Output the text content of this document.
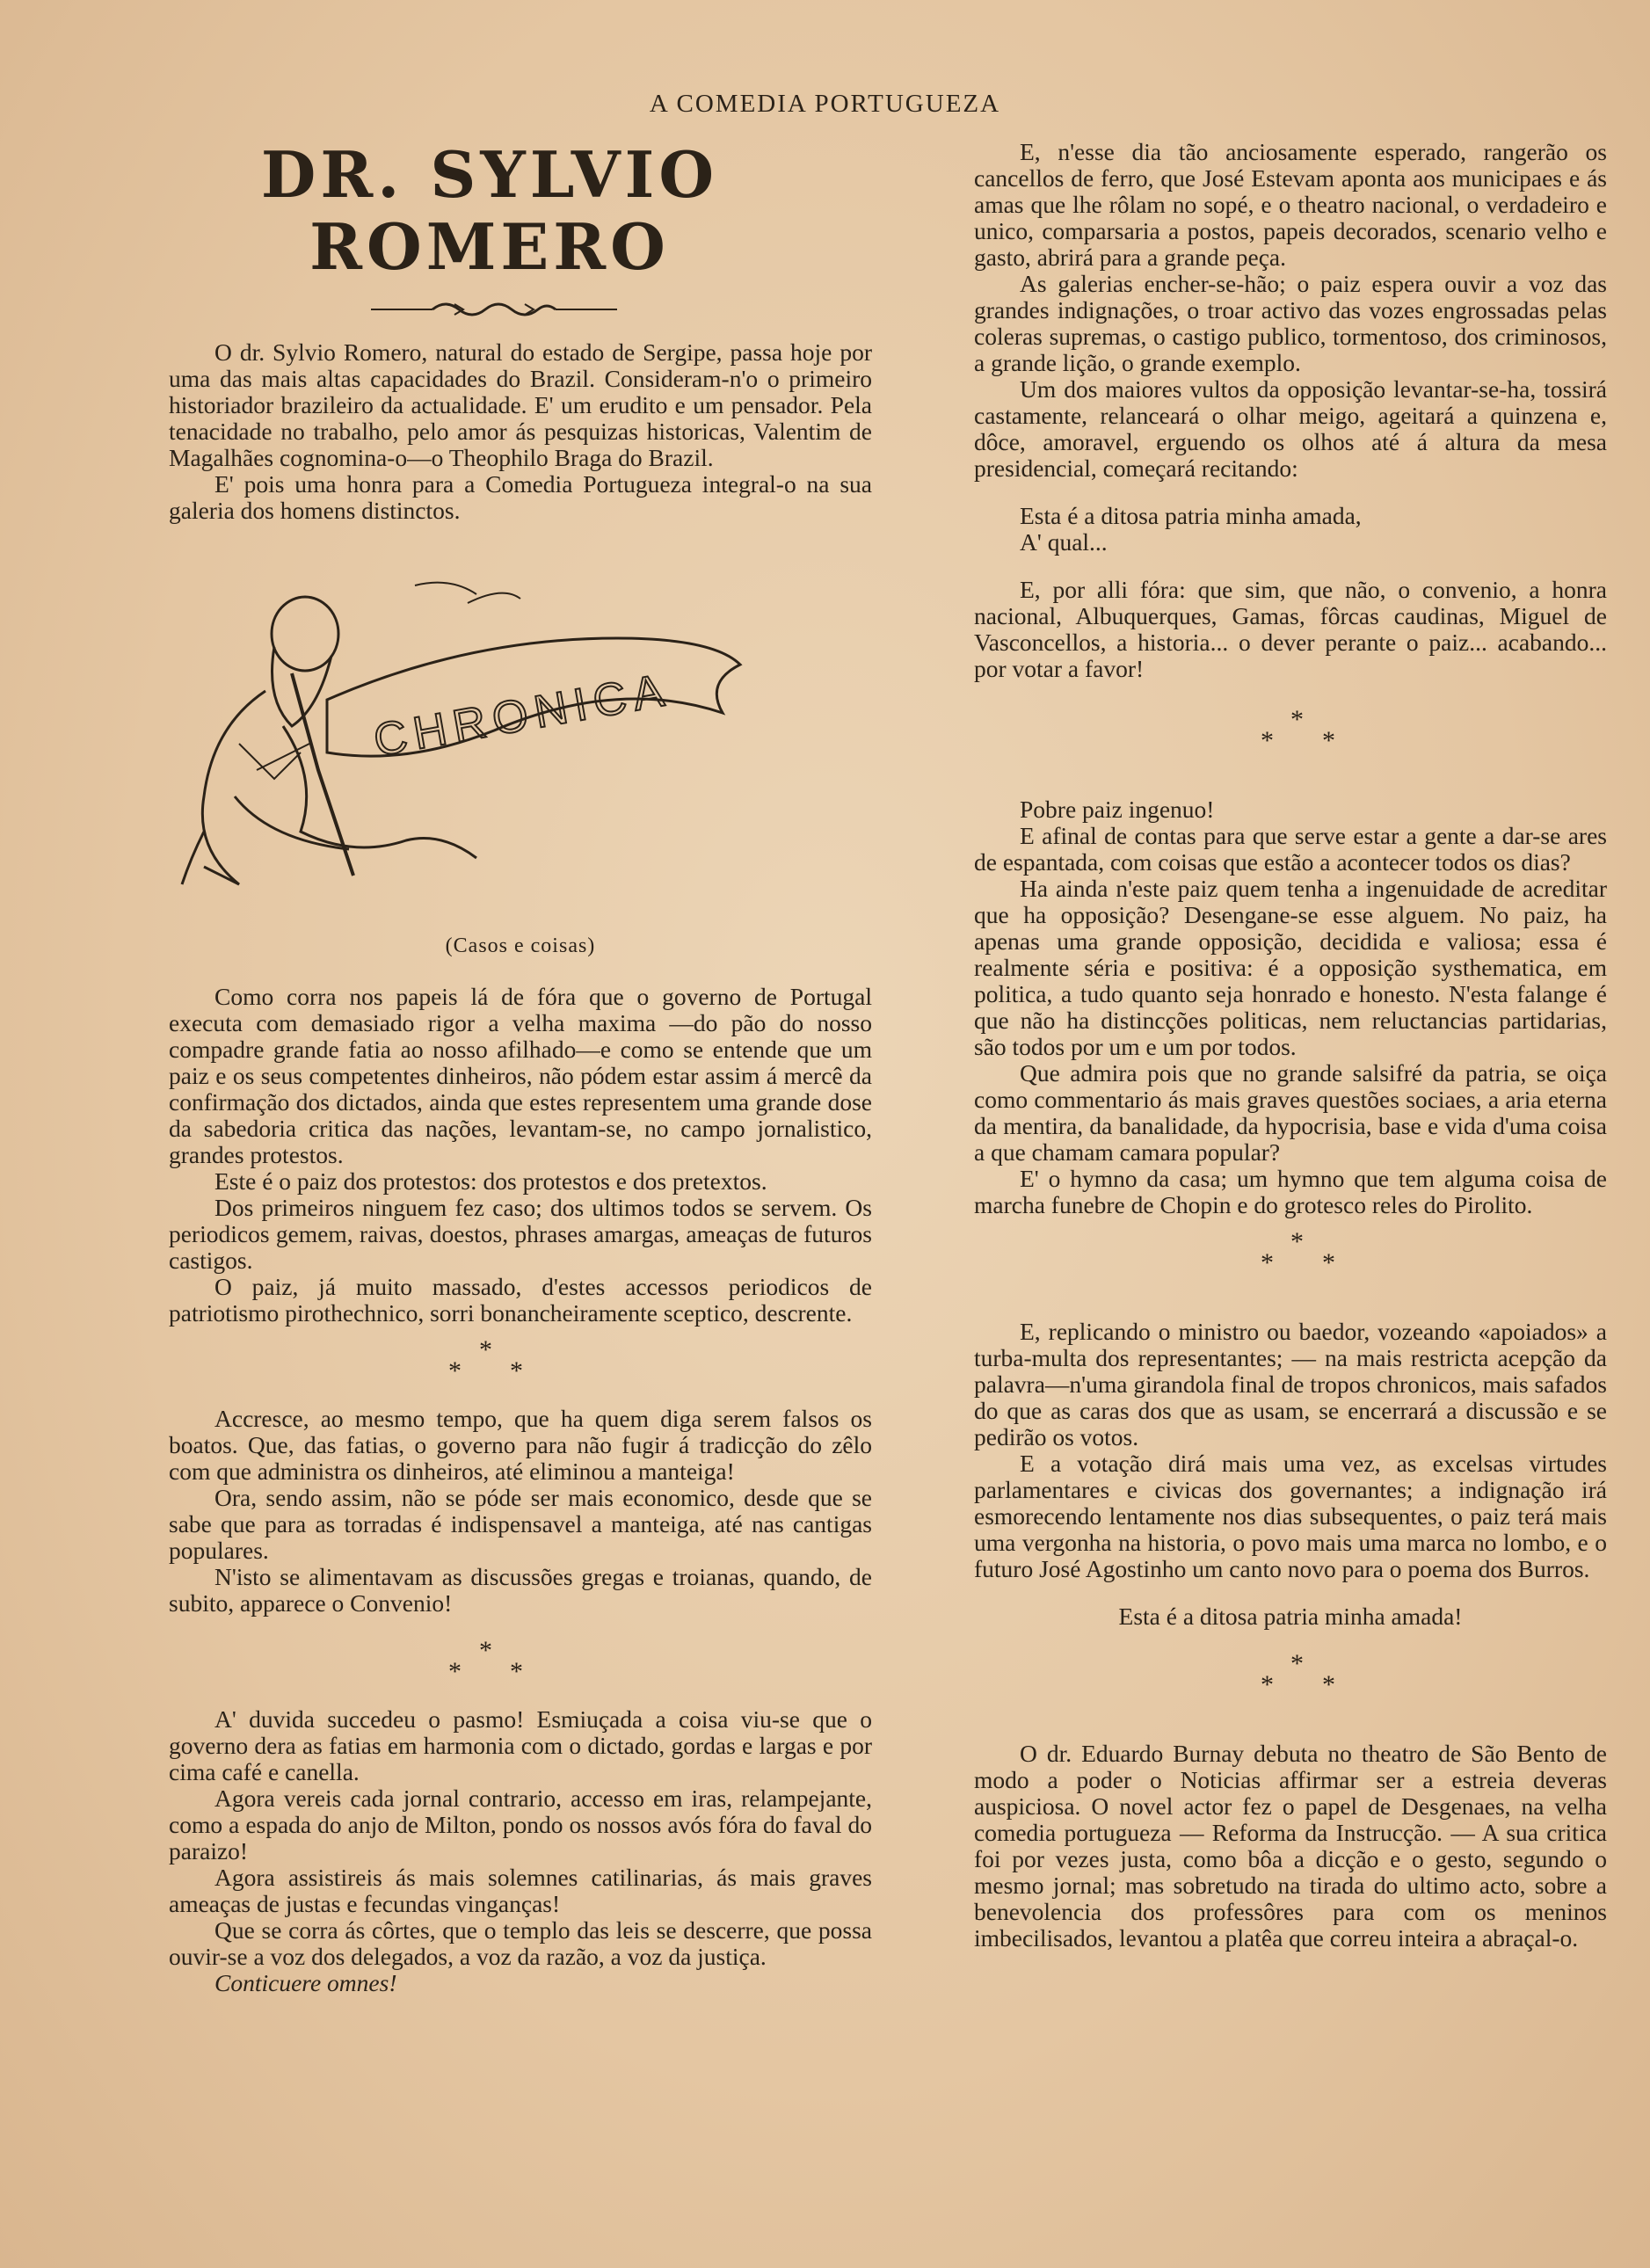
A COMEDIA PORTUGUEZA
DR. SYLVIO ROMERO

O dr. Sylvio Romero, natural do estado de Sergipe, passa hoje por uma das mais altas capacidades do Brazil. Consideram-n'o o primeiro historiador brazileiro da actualidade. E' um erudito e um pensador. Pela tenacidade no trabalho, pelo amor ás pesquizas historicas, Valentim de Magalhães cognomina-o—o Theophilo Braga do Brazil.

E' pois uma honra para a Comedia Portugueza integral-o na sua galeria dos homens distinctos.

CHRONICA

(Casos e coisas)

Como corra nos papeis lá de fóra que o governo de Portugal executa com demasiado rigor a velha maxima —do pão do nosso compadre grande fatia ao nosso afilhado—e como se entende que um paiz e os seus competentes dinheiros, não pódem estar assim á mercê da confirmação dos dictados, ainda que estes representem uma grande dose da sabedoria critica das nações, levantam-se, no campo jornalistico, grandes protestos.

Este é o paiz dos protestos: dos protestos e dos pretextos.

Dos primeiros ninguem fez caso; dos ultimos todos se servem. Os periodicos gemem, raivas, doestos, phrases amargas, ameaças de futuros castigos.

O paiz, já muito massado, d'estes accessos periodicos de patriotismo pirothechnico, sorri bonancheiramente sceptico, descrente.

*
* *

Accresce, ao mesmo tempo, que ha quem diga serem falsos os boatos. Que, das fatias, o governo para não fugir á tradicção do zêlo com que administra os dinheiros, até eliminou a manteiga!

Ora, sendo assim, não se póde ser mais economico, desde que se sabe que para as torradas é indispensavel a manteiga, até nas cantigas populares.

N'isto se alimentavam as discussões gregas e troianas, quando, de subito, apparece o Convenio!

*
* *

A' duvida succedeu o pasmo! Esmiuçada a coisa viu-se que o governo dera as fatias em harmonia com o dictado, gordas e largas e por cima café e canella.

Agora vereis cada jornal contrario, accesso em iras, relampejante, como a espada do anjo de Milton, pondo os nossos avós fóra do faval do paraizo!

Agora assistireis ás mais solemnes catilinarias, ás mais graves ameaças de justas e fecundas vinganças!

Que se corra ás côrtes, que o templo das leis se descerre, que possa ouvir-se a voz dos delegados, a voz da razão, a voz da justiça.

Conticuere omnes!

E, n'esse dia tão anciosamente esperado, rangerão os cancellos de ferro, que José Estevam aponta aos municipaes e ás amas que lhe rôlam no sopé, e o theatro nacional, o verdadeiro e unico, comparsaria a postos, papeis decorados, scenario velho e gasto, abrirá para a grande peça.

As galerias encher-se-hão; o paiz espera ouvir a voz das grandes indignações, o troar activo das vozes engrossadas pelas coleras supremas, o castigo publico, tormentoso, dos criminosos, a grande lição, o grande exemplo.

Um dos maiores vultos da opposição levantar-se-ha, tossirá castamente, relanceará o olhar meigo, ageitará a quinzena e, dôce, amoravel, erguendo os olhos até á altura da mesa presidencial, começará recitando:

Esta é a ditosa patria minha amada,

A' qual...

E, por alli fóra: que sim, que não, o convenio, a honra nacional, Albuquerques, Gamas, fôrcas caudinas, Miguel de Vasconcellos, a historia... o dever perante o paiz... acabando... por votar a favor!

*
* *

Pobre paiz ingenuo!

E afinal de contas para que serve estar a gente a dar-se ares de espantada, com coisas que estão a acontecer todos os dias?

Ha ainda n'este paiz quem tenha a ingenuidade de acreditar que ha opposição? Desengane-se esse alguem. No paiz, ha apenas uma grande opposição, decidida e valiosa; essa é realmente séria e positiva: é a opposição systhematica, em politica, a tudo quanto seja honrado e honesto. N'esta falange é que não ha distincções politicas, nem reluctancias partidarias, são todos por um e um por todos.

Que admira pois que no grande salsifré da patria, se oiça como commentario ás mais graves questões sociaes, a aria eterna da mentira, da banalidade, da hypocrisia, base e vida d'uma coisa a que chamam camara popular?

E' o hymno da casa; um hymno que tem alguma coisa de marcha funebre de Chopin e do grotesco reles do Pirolito.

*
* *

E, replicando o ministro ou baedor, vozeando «apoiados» a turba-multa dos representantes; — na mais restricta acepção da palavra—n'uma girandola final de tropos chronicos, mais safados do que as caras dos que as usam, se encerrará a discussão e se pedirão os votos.

E a votação dirá mais uma vez, as excelsas virtudes parlamentares e civicas dos governantes; a indignação irá esmorecendo lentamente nos dias subsequentes, o paiz terá mais uma vergonha na historia, o povo mais uma marca no lombo, e o futuro José Agostinho um canto novo para o poema dos Burros.

Esta é a ditosa patria minha amada!

*
* *

O dr. Eduardo Burnay debuta no theatro de São Bento de modo a poder o Noticias affirmar ser a estreia deveras auspiciosa. O novel actor fez o papel de Desgenaes, na velha comedia portugueza — Reforma da Instrucção. — A sua critica foi por vezes justa, como bôa a dicção e o gesto, segundo o mesmo jornal; mas sobretudo na tirada do ultimo acto, sobre a benevolencia dos professôres para com os meninos imbecilisados, levantou a platêa que correu inteira a abraçal-o.
